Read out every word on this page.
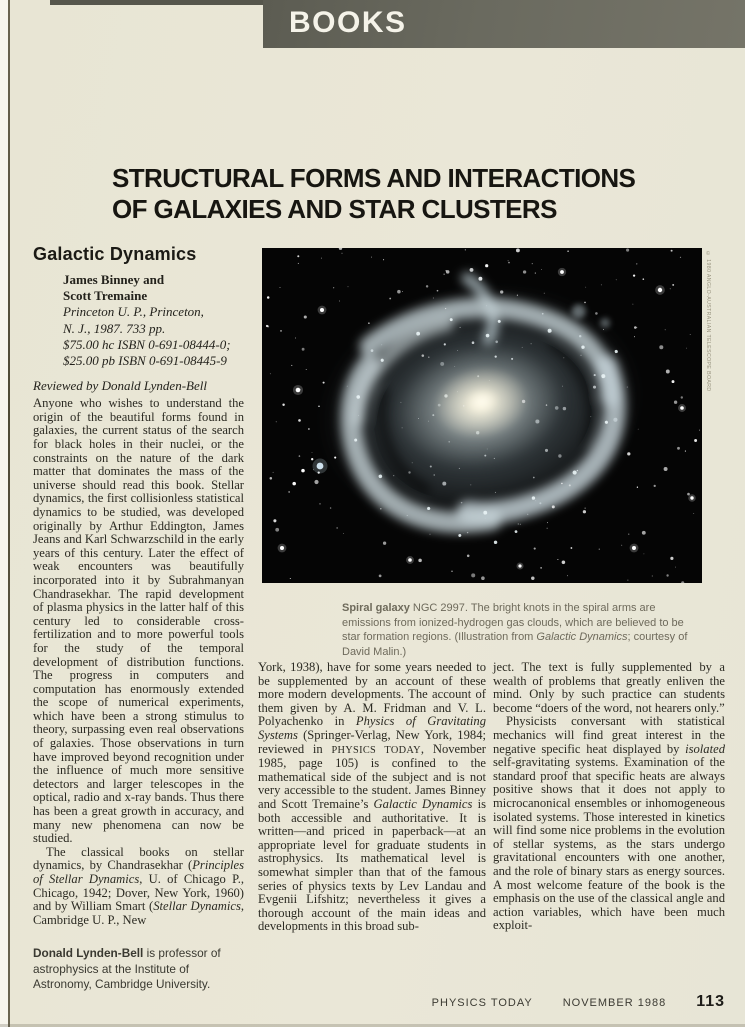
BOOKS
STRUCTURAL FORMS AND INTERACTIONS
OF GALAXIES AND STAR CLUSTERS
Galactic Dynamics

James Binney and
Scott Tremaine

Princeton U. P., Princeton,
N. J., 1987. 733 pp.
$75.00 hc ISBN 0-691-08444-0;
$25.00 pb ISBN 0-691-08445-9

Reviewed by Donald Lynden-Bell

Anyone who wishes to understand the origin of the beautiful forms found in galaxies, the current status of the search for black holes in their nuclei, or the constraints on the nature of the dark matter that dominates the mass of the universe should read this book. Stellar dynamics, the first collisionless statistical dynamics to be studied, was developed originally by Arthur Eddington, James Jeans and Karl Schwarzschild in the early years of this century. Later the effect of weak encounters was beautifully incorporated into it by Subrahmanyan Chandrasekhar. The rapid development of plasma physics in the latter half of this century led to considerable cross-fertilization and to more powerful tools for the study of the temporal development of distribution functions. The progress in computers and computation has enormously extended the scope of numerical experiments, which have been a strong stimulus to theory, surpassing even real observations of galaxies. Those observations in turn have improved beyond recognition under the influence of much more sensitive detectors and larger telescopes in the optical, radio and x-ray bands. Thus there has been a great growth in accuracy, and many new phenomena can now be studied.

The classical books on stellar dynamics, by Chandrasekhar (Principles of Stellar Dynamics, U. of Chicago P., Chicago, 1942; Dover, New York, 1960) and by William Smart (Stellar Dynamics, Cambridge U. P., New

Donald Lynden-Bell is professor of astrophysics at the Institute of Astronomy, Cambridge University.
© 1980 ANGLO-AUSTRALIAN TELESCOPE BOARD

Spiral galaxy NGC 2997. The bright knots in the spiral arms are emissions from ionized-hydrogen gas clouds, which are believed to be star formation regions. (Illustration from Galactic Dynamics; courtesy of David Malin.)

York, 1938), have for some years needed to be supplemented by an account of these more modern developments. The account of them given by A. M. Fridman and V. L. Polyachenko in Physics of Gravitating Systems (Springer-Verlag, New York, 1984; reviewed in PHYSICS TODAY, November 1985, page 105) is confined to the mathematical side of the subject and is not very accessible to the student. James Binney and Scott Tremaine’s Galactic Dynamics is both accessible and authoritative. It is written—and priced in paperback—at an appropriate level for graduate students in astrophysics. Its mathematical level is somewhat simpler than that of the famous series of physics texts by Lev Landau and Evgenii Lifshitz; nevertheless it gives a thorough account of the main ideas and developments in this broad sub-

ject. The text is fully supplemented by a wealth of problems that greatly enliven the mind. Only by such practice can students become “doers of the word, not hearers only.”

Physicists conversant with statistical mechanics will find great interest in the negative specific heat displayed by isolated self-gravitating systems. Examination of the standard proof that specific heats are always positive shows that it does not apply to microcanonical ensembles or inhomogeneous isolated systems. Those interested in kinetics will find some nice problems in the evolution of stellar systems, as the stars undergo gravitational encounters with one another, and the role of binary stars as energy sources. A most welcome feature of the book is the emphasis on the use of the classical angle and action variables, which have been much exploit-

PHYSICS TODAY	NOVEMBER 1988 113
